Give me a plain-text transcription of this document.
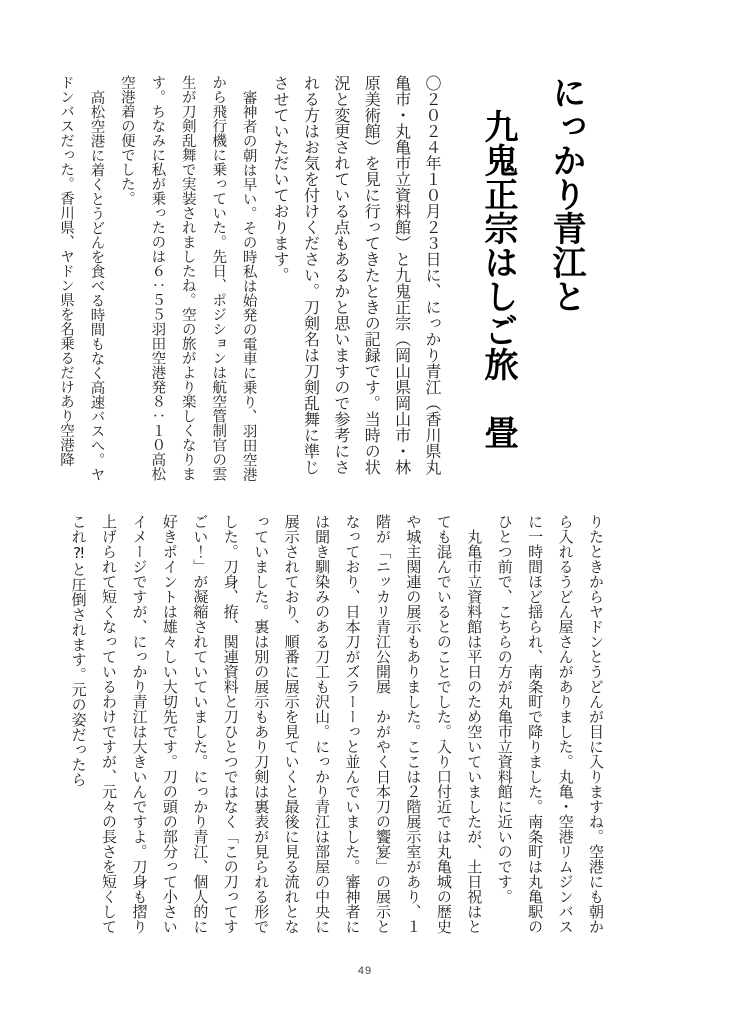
にっかり青江と
　九鬼正宗はしご旅　畳

〇２０２４年１０月２３日に、にっかり青江（香川県丸亀市・丸亀市立資料館）と九鬼正宗（岡山県岡山市・林原美術館）を見に行ってきたときの記録です。当時の状況と変更されている点もあるかと思いますので参考にされる方はお気を付けください。刀剣名は刀剣乱舞に準じさせていただいております。

審神者の朝は早い。その時私は始発の電車に乗り、羽田空港から飛行機に乗っていた。先日、ポジションは航空管制官の雲生が刀剣乱舞で実装されましたね。空の旅がより楽しくなります。ちなみに私が乗ったのは６：５５羽田空港発８：１０高松空港着の便でした。

高松空港に着くとうどんを食べる時間もなく高速バスへ。ヤドンバスだった。香川県、ヤドン県を名乗るだけあり空港降

りたときからヤドンとうどんが目に入りますね。空港にも朝から入れるうどん屋さんがありました。丸亀・空港リムジンバスに一時間ほど揺られ、南条町で降りました。南条町は丸亀駅のひとつ前で、こちらの方が丸亀市立資料館に近いのです。

丸亀市立資料館は平日のため空いていましたが、土日祝はとても混んでいるとのことでした。入り口付近では丸亀城の歴史や城主関連の展示もありました。ここは２階展示室があり、１階が「ニッカリ青江公開展　かがやく日本刀の饗宴」の展示となっており、日本刀がズラーーっと並んでいました。審神者には聞き馴染みのある刀工も沢山。にっかり青江は部屋の中央に展示されており、順番に展示を見ていくと最後に見る流れとなっていました。裏は別の展示もあり刀剣は裏表が見られる形でした。刀身、拵、関連資料と刀ひとつではなく「この刀ってすごい！」が凝縮されていていました。にっかり青江、個人的に好きポイントは雄々しい大切先です。刀の頭の部分って小さいイメージですが、にっかり青江は大きいんですよ。刀身も摺り上げられて短くなっているわけですが、元々の長さを短くしてこれ⁈と圧倒されます。元の姿だったら

49
